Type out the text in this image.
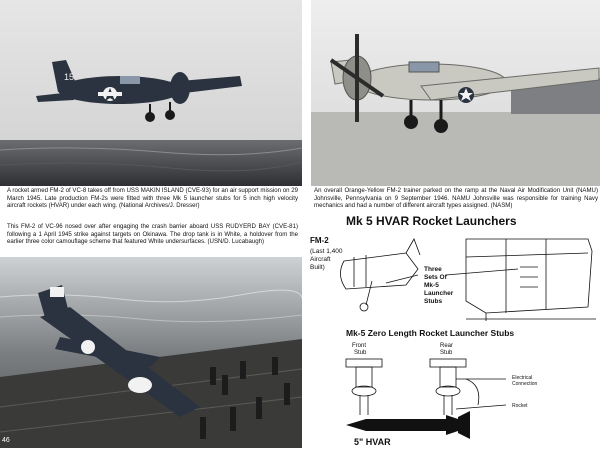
15

A rocket armed FM-2 of VC-8 takes off from USS MAKIN ISLAND (CVE-93) for an air support mission on 29 March 1945. Late production FM-2s were fitted with three Mk 5 launcher stubs for 5 inch high velocity aircraft rockets (HVAR) under each wing. (National Archives/J. Dresser)

An overall Orange-Yellow FM-2 trainer parked on the ramp at the Naval Air Modification Unit (NAMU) Johnsville, Pennsylvania on 9 September 1946. NAMU Johnsville was responsible for training Navy mechanics and had a number of different aircraft types assigned. (NASM)

This FM-2 of VC-96 nosed over after engaging the crash barrier aboard USS RUDYERD BAY (CVE-81) following a 1 April 1945 strike against targets on Okinawa. The drop tank is in White, a holdover from the earlier three color camouflage scheme that featured White undersurfaces. (USN/D. Lucabaugh)

Mk 5 HVAR Rocket Launchers
FM-2
(Last 1,400
Aircraft
Built)	Three
Sets Of
Mk-5
Launcher
Stubs
Mk-5 Zero Length Rocket Launcher Stubs
Front
Stub
Rear
Stub
Electrical
Connection
Rocket
5" HVAR
46
